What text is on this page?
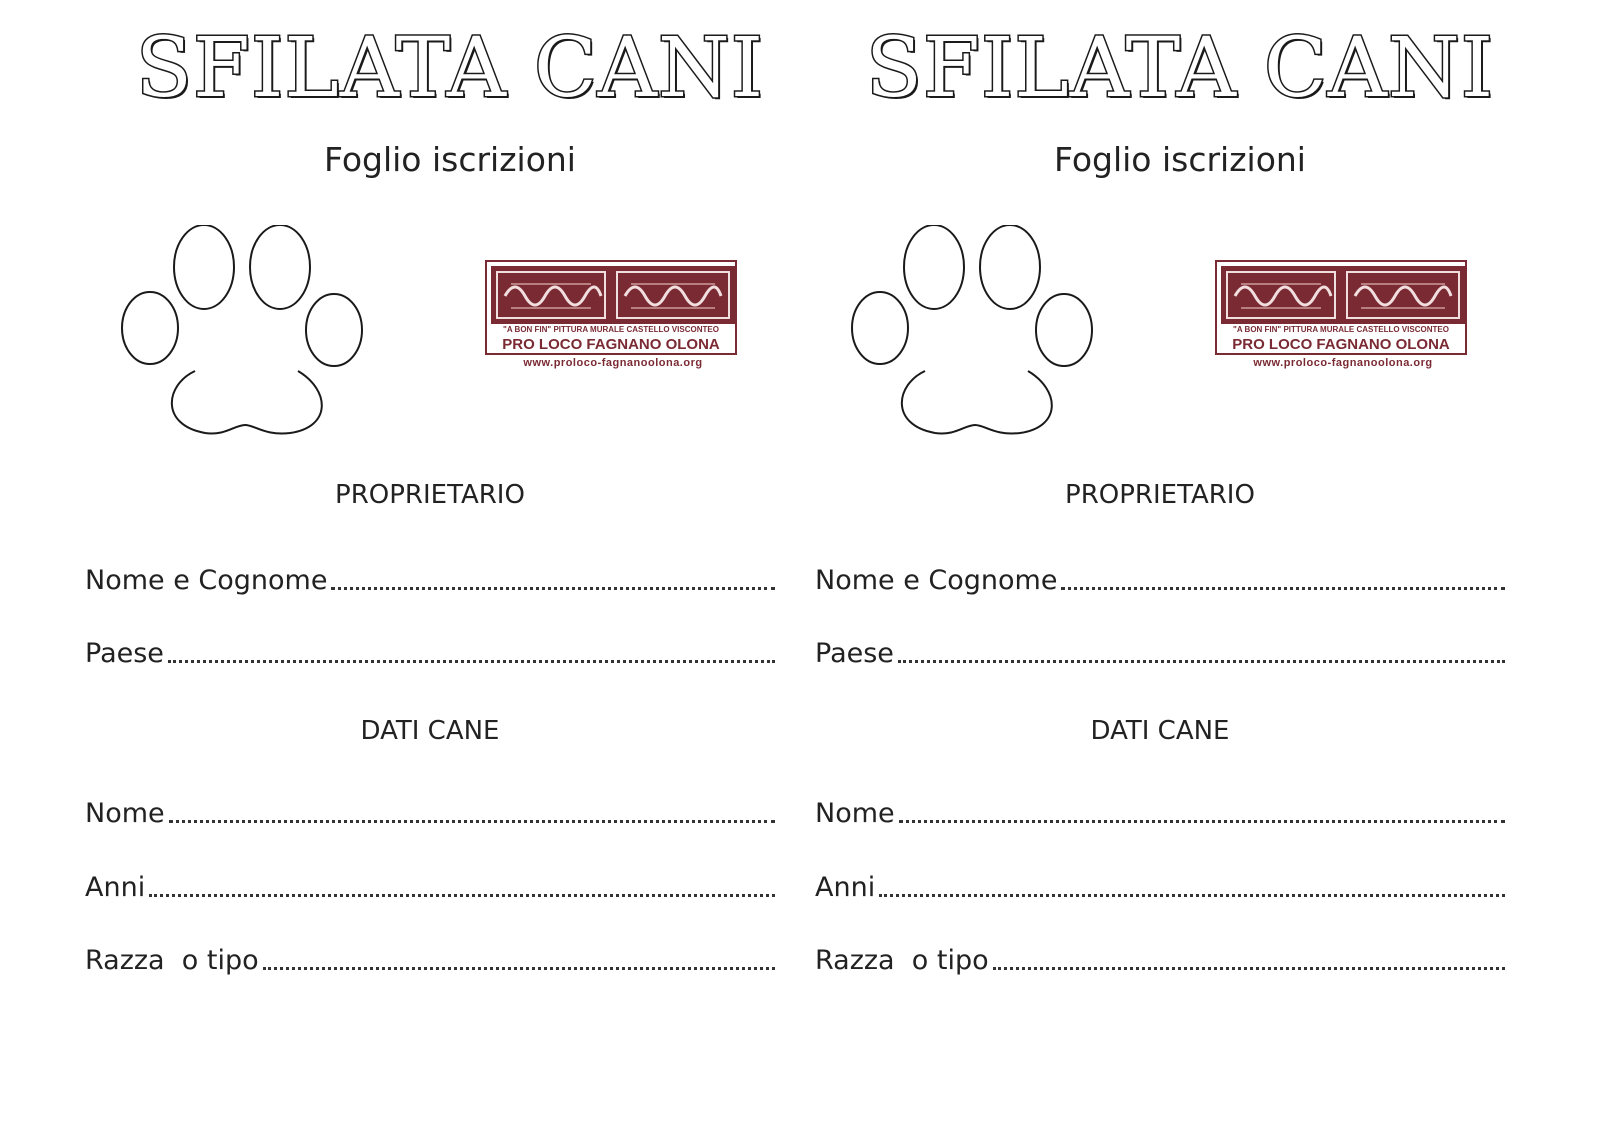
SFILATA CANI
Foglio iscrizioni
"A BON FIN" PITTURA MURALE CASTELLO VISCONTEO
PRO LOCO FAGNANO OLONA
www.proloco-fagnanoolona.org
PROPRIETARIO
Nome e Cognome
Paese
DATI CANE
Nome
Anni
Razza  o tipo
SFILATA CANI
Foglio iscrizioni
"A BON FIN" PITTURA MURALE CASTELLO VISCONTEO
PRO LOCO FAGNANO OLONA
www.proloco-fagnanoolona.org
PROPRIETARIO
Nome e Cognome
Paese
DATI CANE
Nome
Anni
Razza  o tipo
